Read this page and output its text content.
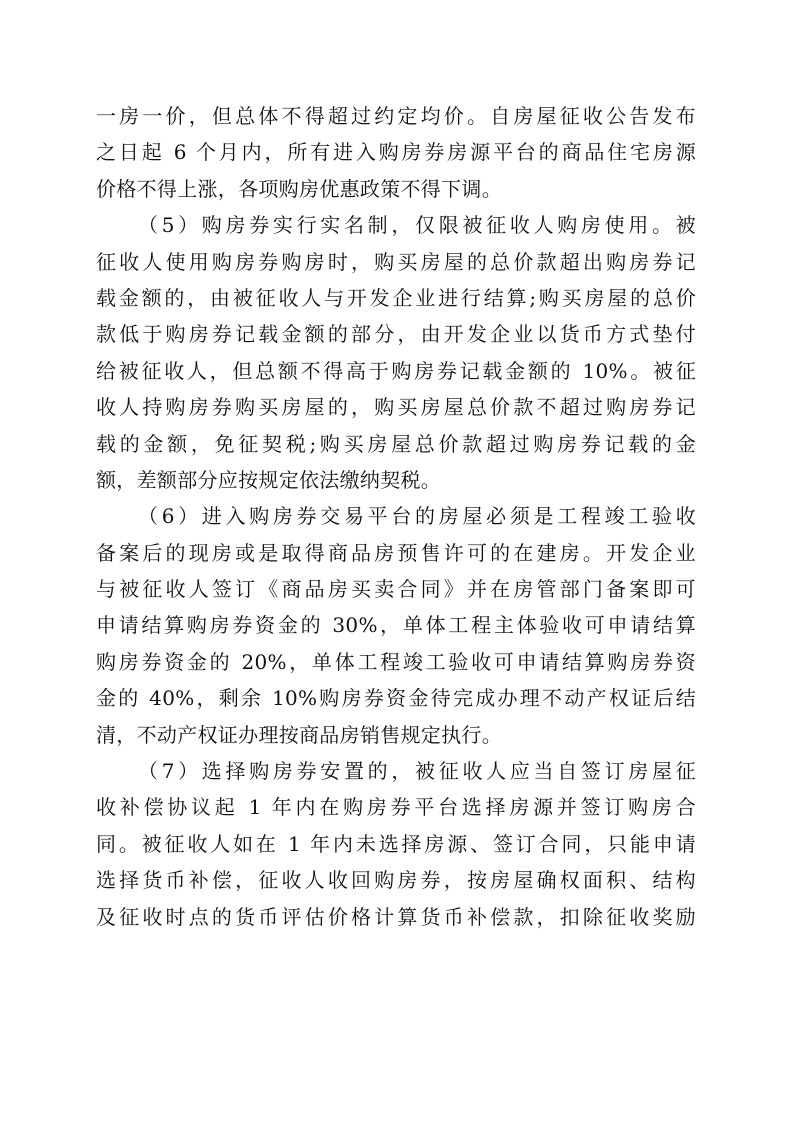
一房一价，但总体不得超过约定均价。自房屋征收公告发布
之日起 6 个月内，所有进入购房券房源平台的商品住宅房源
价格不得上涨，各项购房优惠政策不得下调。
（5）购房券实行实名制，仅限被征收人购房使用。被
征收人使用购房券购房时，购买房屋的总价款超出购房券记
载金额的，由被征收人与开发企业进行结算;购买房屋的总价
款低于购房券记载金额的部分，由开发企业以货币方式垫付
给被征收人，但总额不得高于购房券记载金额的 10%。被征
收人持购房券购买房屋的，购买房屋总价款不超过购房券记
载的金额，免征契税;购买房屋总价款超过购房券记载的金
额，差额部分应按规定依法缴纳契税。
（6）进入购房券交易平台的房屋必须是工程竣工验收
备案后的现房或是取得商品房预售许可的在建房。开发企业
与被征收人签订《商品房买卖合同》并在房管部门备案即可
申请结算购房券资金的 30%，单体工程主体验收可申请结算
购房券资金的 20%，单体工程竣工验收可申请结算购房券资
金的 40%，剩余 10%购房券资金待完成办理不动产权证后结
清，不动产权证办理按商品房销售规定执行。
（7）选择购房券安置的，被征收人应当自签订房屋征
收补偿协议起 1 年内在购房券平台选择房源并签订购房合
同。被征收人如在 1 年内未选择房源、签订合同，只能申请
选择货币补偿，征收人收回购房券，按房屋确权面积、结构
及征收时点的货币评估价格计算货币补偿款，扣除征收奖励
